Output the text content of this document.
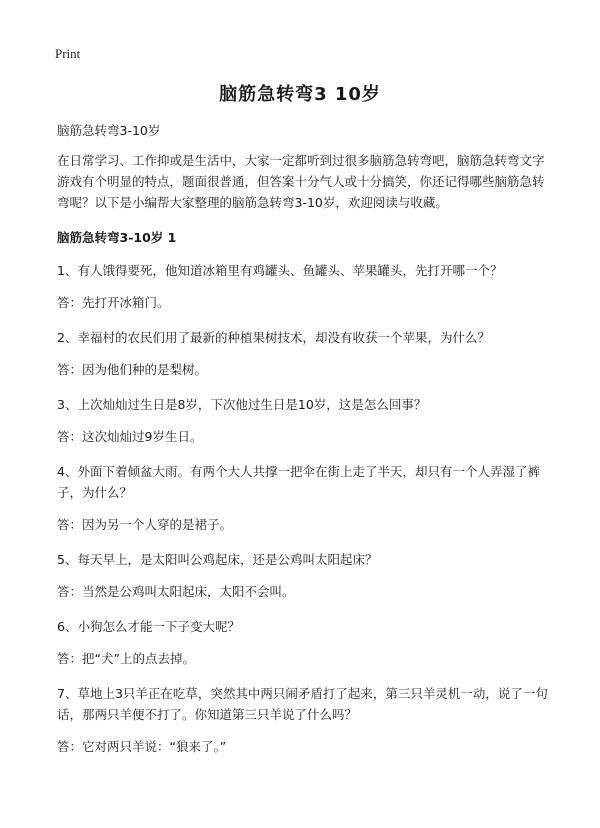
Print
脑筋急转弯3 10岁

脑筋急转弯3-10岁

在日常学习、工作抑或是生活中，大家一定都听到过很多脑筋急转弯吧，脑筋急转弯文字游戏有个明显的特点，题面很普通，但答案十分气人或十分搞笑，你还记得哪些脑筋急转弯呢？以下是小编帮大家整理的脑筋急转弯3-10岁，欢迎阅读与收藏。

脑筋急转弯3-10岁 1

1、有人饿得要死，他知道冰箱里有鸡罐头、鱼罐头、苹果罐头，先打开哪一个？

答：先打开冰箱门。

2、幸福村的农民们用了最新的种植果树技术，却没有收获一个苹果，为什么？

答：因为他们种的是梨树。

3、上次灿灿过生日是8岁，下次他过生日是10岁，这是怎么回事？

答：这次灿灿过9岁生日。

4、外面下着倾盆大雨。有两个大人共撑一把伞在街上走了半天，却只有一个人弄湿了裤子，为什么？

答：因为另一个人穿的是裙子。

5、每天早上，是太阳叫公鸡起床，还是公鸡叫太阳起床？

答：当然是公鸡叫太阳起床，太阳不会叫。

6、小狗怎么才能一下子变大呢？

答：把“犬”上的点去掉。

7、草地上3只羊正在吃草，突然其中两只闹矛盾打了起来，第三只羊灵机一动，说了一句话，那两只羊便不打了。你知道第三只羊说了什么吗？

答：它对两只羊说：“狼来了。”
